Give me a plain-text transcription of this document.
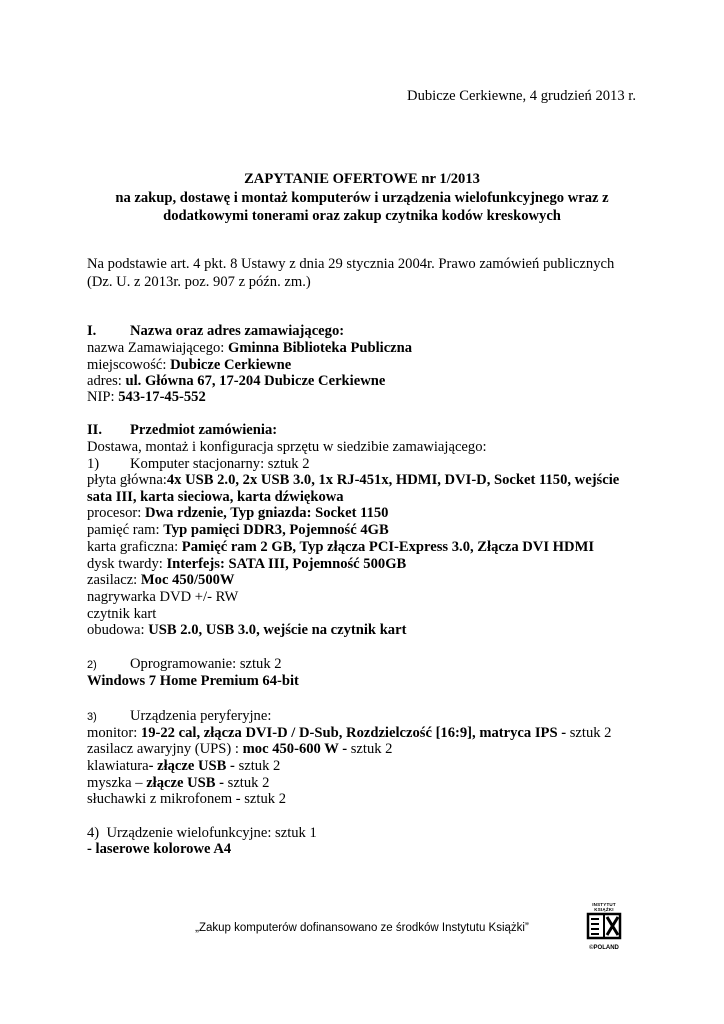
Dubicze Cerkiewne, 4 grudzień 2013 r.
ZAPYTANIE OFERTOWE nr 1/2013
na zakup, dostawę i montaż komputerów i urządzenia wielofunkcyjnego wraz z
dodatkowymi tonerami oraz zakup czytnika kodów kreskowych
Na podstawie art. 4 pkt. 8 Ustawy z dnia 29 stycznia 2004r. Prawo zamówień publicznych
(Dz. U. z 2013r. poz. 907 z późn. zm.)
I. Nazwa oraz adres zamawiającego:
nazwa Zamawiającego: Gminna Biblioteka Publiczna
miejscowość: Dubicze Cerkiewne
adres: ul. Główna 67, 17-204 Dubicze Cerkiewne
NIP: 543-17-45-552
II. Przedmiot zamówienia:
Dostawa, montaż i konfiguracja sprzętu w siedzibie zamawiającego:
1) Komputer stacjonarny: sztuk 2
płyta główna:4x USB 2.0, 2x USB 3.0, 1x RJ-451x, HDMI, DVI-D, Socket 1150, wejście
sata III, karta sieciowa, karta dźwiękowa
procesor: Dwa rdzenie, Typ gniazda: Socket 1150
pamięć ram: Typ pamięci DDR3, Pojemność 4GB
karta graficzna: Pamięć ram 2 GB, Typ złącza PCI-Express 3.0, Złącza DVI HDMI
dysk twardy: Interfejs: SATA III, Pojemność 500GB
zasilacz: Moc 450/500W
nagrywarka DVD +/- RW
czytnik kart
obudowa: USB 2.0, USB 3.0, wejście na czytnik kart
2) Oprogramowanie: sztuk 2
Windows 7 Home Premium 64-bit
3) Urządzenia peryferyjne:
monitor: 19-22 cal, złącza DVI-D / D-Sub, Rozdzielczość [16:9], matryca IPS - sztuk 2
zasilacz awaryjny (UPS) : moc 450-600 W - sztuk 2
klawiatura- złącze USB - sztuk 2
myszka – złącze USB - sztuk 2
słuchawki z mikrofonem - sztuk 2
4) Urządzenie wielofunkcyjne: sztuk 1
- laserowe kolorowe A4
„Zakup komputerów dofinansowano ze środków Instytutu Książki”
INSTYTUT KSIĄŻKI
©POLAND
